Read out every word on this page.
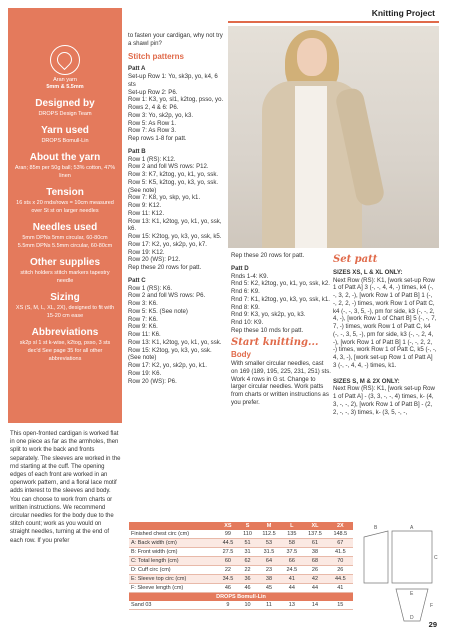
Knitting Project
Aran yarn
5mm & 5.5mm
Designed by

DROPS Design Team

Yarn used

DROPS Bomull-Lin

About the yarn

Aran; 85m per 50g ball; 53% cotton, 47% linen

Tension

16 sts x 20 rnds/rows = 10cm measured over St st on larger needles

Needles used

5mm DPNs 5mm circular, 60-80cm 5.5mm DPNs 5.5mm circular, 60-80cm

Other supplies

stitch holders stitch markers tapestry needle

Sizing

XS (S, M, L, XL, 2X), designed to fit with 15-20 cm ease

Abbreviations

sk2p sl 1 st k-wise, k2tog, psso, 3 sts dec'd See page 35 for all other abbreviations

This open-fronted cardigan is worked flat in one piece as far as the armholes, then split to work the back and fronts separately. The sleeves are worked in the rnd starting at the cuff. The opening edges of each front are worked in an openwork pattern, and a floral lace motif adds interest to the sleeves and body. You can choose to work from charts or written instructions. We recommend circular needles for the body due to the stitch count; work as you would on straight needles, turning at the end of each row. If you prefer
to fasten your cardigan, why not try a shawl pin?
Stitch patterns
Patt A
Set-up Row 1: Yo, sk3p, yo, k4, 6 sts
Set-up Row 2: P6.
Row 1: K3, yo, sl1, k2tog, psso, yo.
Rows 2, 4 & 6: P6.
Row 3: Yo, sk2p, yo, k3.
Row 5: As Row 1.
Row 7: As Row 3.
Rep rows 1-8 for patt.
Patt B
Row 1 (RS): K12.
Row 2 and foll WS rows: P12.
Row 3: K7, k2tog, yo, k1, yo, ssk.
Row 5: K5, k2tog, yo, k3, yo, ssk. (See note)
Row 7: K8, yo, skp, yo, k1.
Row 9: K12.
Row 11: K12.
Row 13: K1, k2tog, yo, k1, yo, ssk, k6.
Row 15: K2tog, yo, k3, yo, ssk, k5.
Row 17: K2, yo, sk2p, yo, k7.
Row 19: K12.
Row 20 (WS): P12.
Rep these 20 rows for patt.
Patt C
Row 1 (RS): K6.
Row 2 and foll WS rows: P6.
Row 3: K6.
Row 5: K5. (See note)
Row 7: K6.
Row 9: K6.
Row 11: K6.
Row 13: K1, k2tog, yo, k1, yo, ssk.
Row 15: K2tog, yo, k3, yo, ssk. (See note)
Row 17: K2, yo, sk2p, yo, k1.
Row 19: K6.
Row 20 (WS): P6.
Rep these 20 rows for patt.
Patt D
Rnds 1-4: K9.
Rnd 5: K2, k2tog, yo, k1, yo, ssk, k2.
Rnd 6: K9.
Rnd 7: K1, k2tog, yo, k3, yo, ssk, k1.
Rnd 8: K9.
Rnd 9: K3, yo, sk2p, yo, k3.
Rnd 10: K9.
Rep these 10 rnds for patt.
Start knitting...
Body
With smaller circular needles, cast on 169 (189, 195, 225, 231, 251) sts. Work 4 rows in G st. Change to larger circular needles. Work patts from charts or written instructions as you prefer.
Set patt
SIZES XS, L & XL ONLY:
Next Row (RS): K1, [work set-up Row 1 of Patt A] 3 (-, -, 4, 4, -) times, k4 (-, -, 3, 2, -), [work Row 1 of Patt B] 1 (-, -, 2, 2, -) times, work Row 1 of Patt C, k4 (-, -, 3, 5, -), pm for side, k3 (-, -, 2, 4, -), [work Row 1 of Chart B] 5 (-, -, 7, 7, -) times, work Row 1 of Patt C, k4 (-, -, 3, 5, -), pm for side, k3 (-, -, 2, 4, -), [work Row 1 of Patt B] 1 (-, -, 2, 2, -) times, work Row 1 of Patt C, k5 (-, -, 4, 3, -), [work set-up Row 1 of Patt A] 3 (-, -, 4, 4, -) times, k1.
SIZES S, M & 2X ONLY:
Next Row (RS): K1, [work set-up Row 1 of Patt A] - (3, 3, -, -, 4) times, k- (4, 3, -, -, 2), [work Row 1 of Patt B] - (2, 2, -, -, 3) times, k- (3, 5, -, -,
	XS	S	M	L	XL	2X
Finished chest circ (cm)	99	110	112.5	135	137.5	148.5
A: Back width (cm)	44.5	51	53	58	61	67
B: Front width (cm)	27.5	31	31.5	37.5	38	41.5
C: Total length (cm)	60	62	64	66	68	70
D: Cuff circ (cm)	22	22	23	24.5	26	26
E: Sleeve top circ (cm)	34.5	36	38	41	42	44.5
F: Sleeve length (cm)	46	46	45	44	44	41
DROPS Bomull-Lin						
Sand 03	9	10	11	13	14	15
A
B
C
D
E
F
29
